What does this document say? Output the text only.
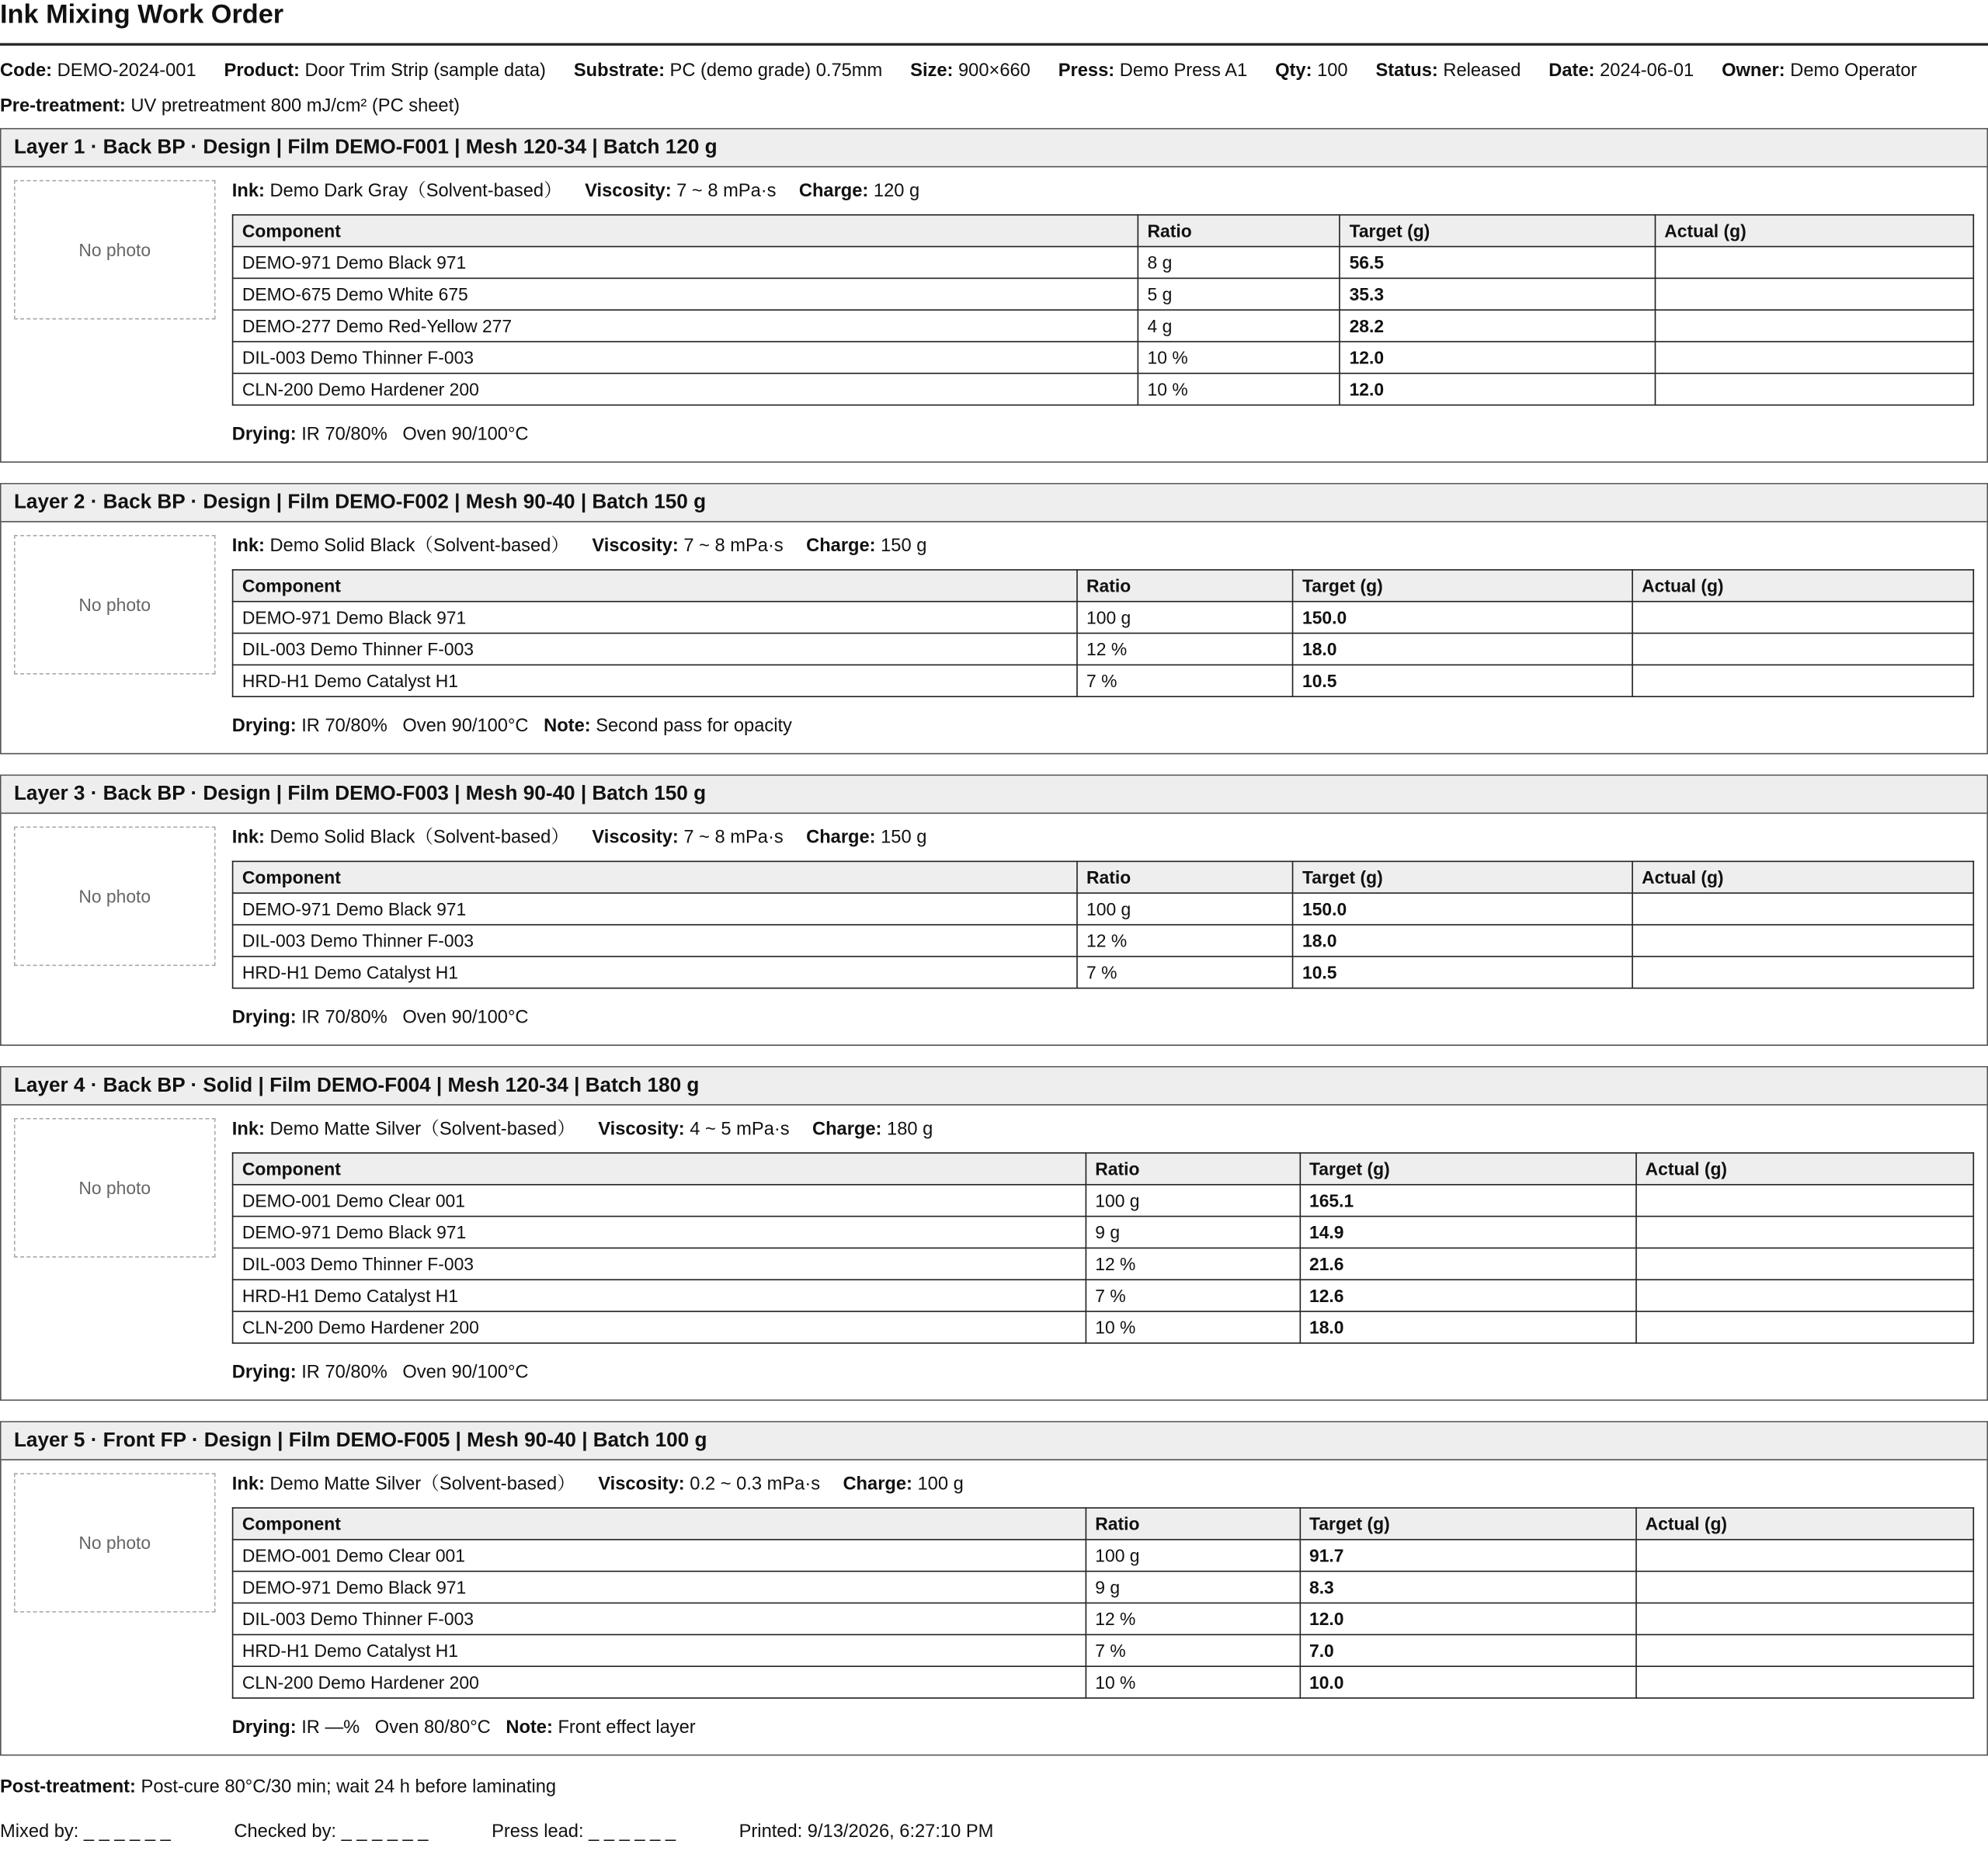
Ink Mixing Work Order
Code: DEMO-2024-001 Product: Door Trim Strip (sample data) Substrate: PC (demo grade) 0.75mm Size: 900×660 Press: Demo Press A1 Qty: 100 Status: Released Date: 2024-06-01 Owner: Demo Operator
Pre-treatment: UV pretreatment 800 mJ/cm² (PC sheet)
Layer 1 · Back BP · Design | Film DEMO-F001 | Mesh 120-34 | Batch 120 g
No photo
Ink: Demo Dark Gray（Solvent-based） Viscosity: 7 ~ 8 mPa·s Charge: 120 g
Component	Ratio	Target (g)	Actual (g)
DEMO-971 Demo Black 971	8 g	56.5	
DEMO-675 Demo White 675	5 g	35.3	
DEMO-277 Demo Red-Yellow 277	4 g	28.2	
DIL-003 Demo Thinner F-003	10 %	12.0	
CLN-200 Demo Hardener 200	10 %	12.0	
Drying: IR 70/80% Oven 90/100°C
Layer 2 · Back BP · Design | Film DEMO-F002 | Mesh 90-40 | Batch 150 g
No photo
Ink: Demo Solid Black（Solvent-based） Viscosity: 7 ~ 8 mPa·s Charge: 150 g
Component	Ratio	Target (g)	Actual (g)
DEMO-971 Demo Black 971	100 g	150.0	
DIL-003 Demo Thinner F-003	12 %	18.0	
HRD-H1 Demo Catalyst H1	7 %	10.5	
Drying: IR 70/80% Oven 90/100°C Note: Second pass for opacity
Layer 3 · Back BP · Design | Film DEMO-F003 | Mesh 90-40 | Batch 150 g
No photo
Ink: Demo Solid Black（Solvent-based） Viscosity: 7 ~ 8 mPa·s Charge: 150 g
Component	Ratio	Target (g)	Actual (g)
DEMO-971 Demo Black 971	100 g	150.0	
DIL-003 Demo Thinner F-003	12 %	18.0	
HRD-H1 Demo Catalyst H1	7 %	10.5	
Drying: IR 70/80% Oven 90/100°C
Layer 4 · Back BP · Solid | Film DEMO-F004 | Mesh 120-34 | Batch 180 g
No photo
Ink: Demo Matte Silver（Solvent-based） Viscosity: 4 ~ 5 mPa·s Charge: 180 g
Component	Ratio	Target (g)	Actual (g)
DEMO-001 Demo Clear 001	100 g	165.1	
DEMO-971 Demo Black 971	9 g	14.9	
DIL-003 Demo Thinner F-003	12 %	21.6	
HRD-H1 Demo Catalyst H1	7 %	12.6	
CLN-200 Demo Hardener 200	10 %	18.0	
Drying: IR 70/80% Oven 90/100°C
Layer 5 · Front FP · Design | Film DEMO-F005 | Mesh 90-40 | Batch 100 g
No photo
Ink: Demo Matte Silver（Solvent-based） Viscosity: 0.2 ~ 0.3 mPa·s Charge: 100 g
Component	Ratio	Target (g)	Actual (g)
DEMO-001 Demo Clear 001	100 g	91.7	
DEMO-971 Demo Black 971	9 g	8.3	
DIL-003 Demo Thinner F-003	12 %	12.0	
HRD-H1 Demo Catalyst H1	7 %	7.0	
CLN-200 Demo Hardener 200	10 %	10.0	
Drying: IR —% Oven 80/80°C Note: Front effect layer
Post-treatment: Post-cure 80°C/30 min; wait 24 h before laminating
Mixed by: _ _ _ _ _ _	Checked by: _ _ _ _ _ _	Press lead: _ _ _ _ _ _	Printed: 9/13/2026, 6:27:10 PM
